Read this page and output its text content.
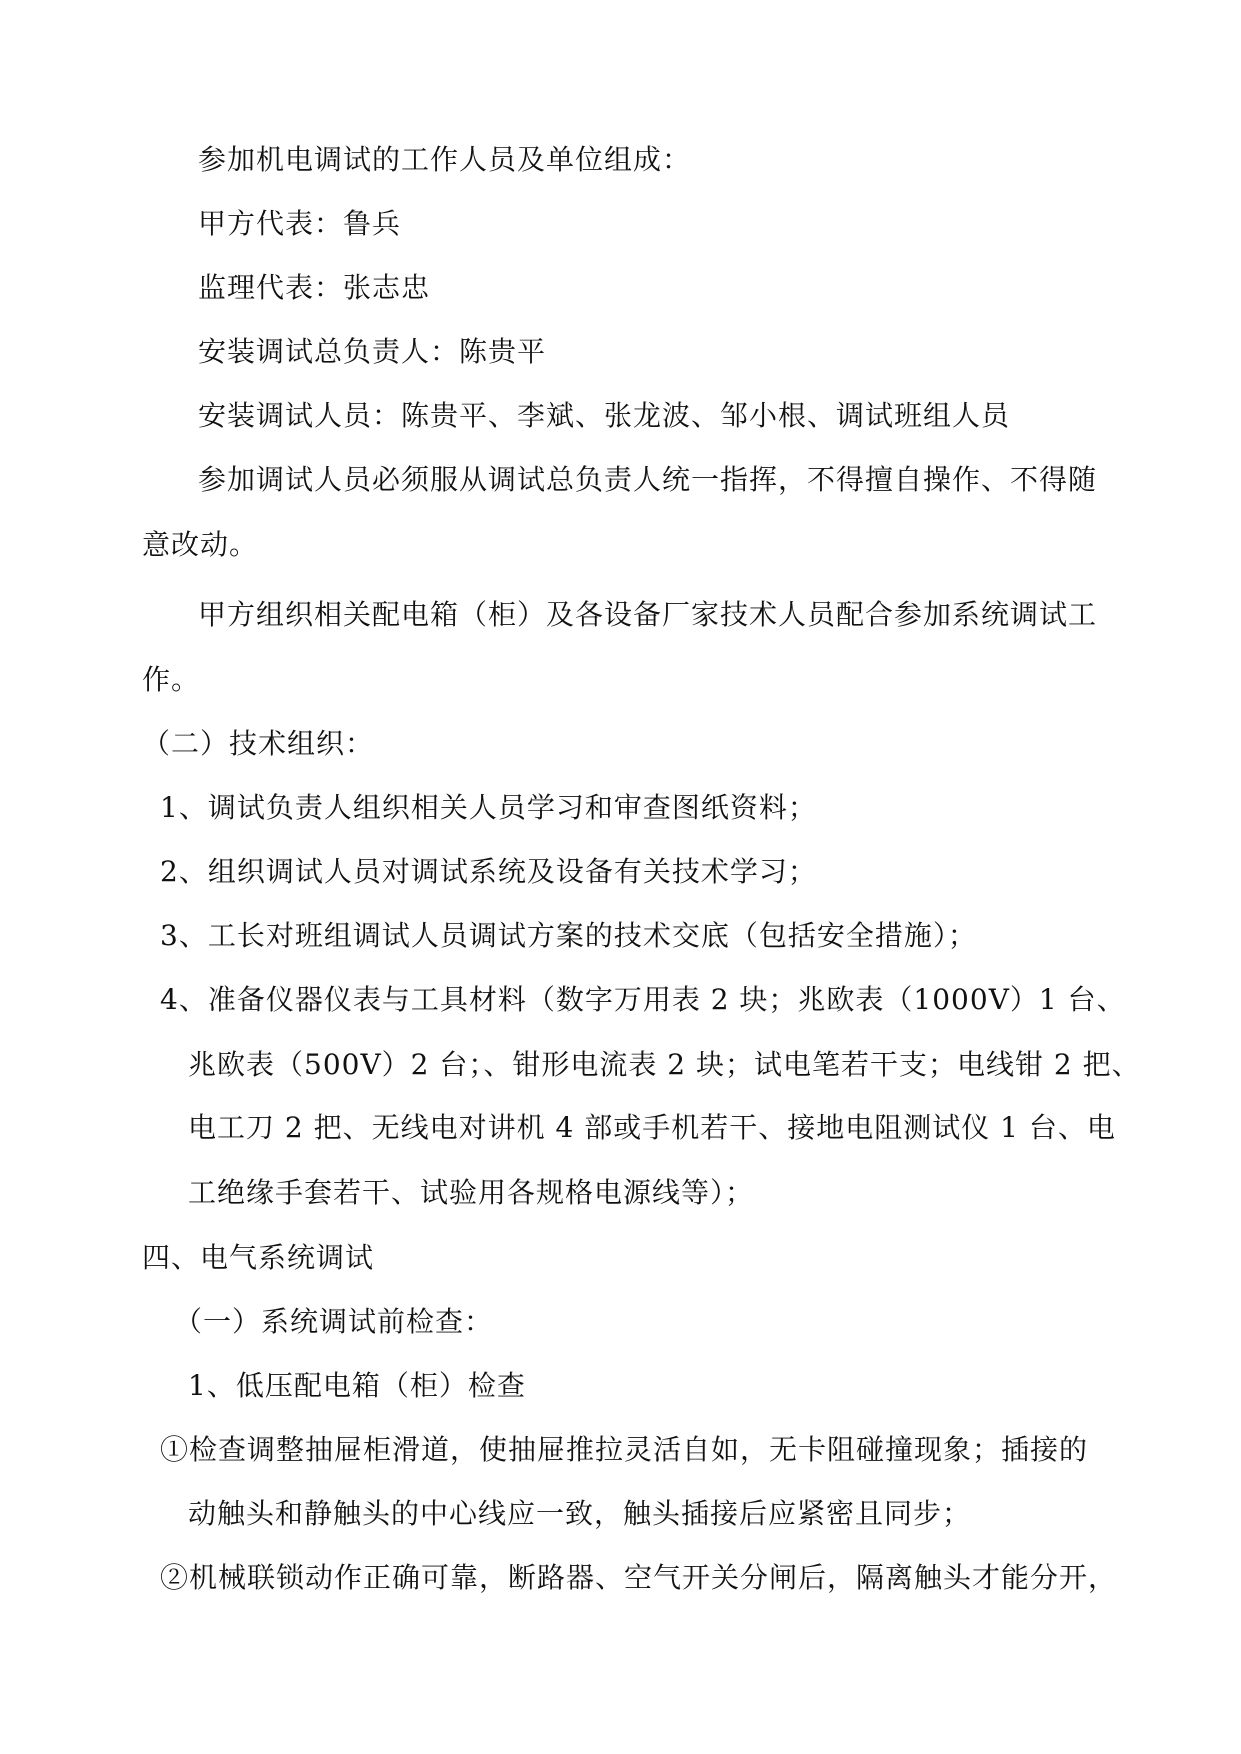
参加机电调试的工作人员及单位组成：
甲方代表：鲁兵
监理代表：张志忠
安装调试总负责人：陈贵平
安装调试人员：陈贵平、李斌、张龙波、邹小根、调试班组人员
参加调试人员必须服从调试总负责人统一指挥，不得擅自操作、不得随
意改动。
甲方组织相关配电箱（柜）及各设备厂家技术人员配合参加系统调试工
作。
（二）技术组织：
1、调试负责人组织相关人员学习和审查图纸资料；
2、组织调试人员对调试系统及设备有关技术学习；
3、工长对班组调试人员调试方案的技术交底（包括安全措施）；
4、准备仪器仪表与工具材料（数字万用表 2 块；兆欧表（1000V）1 台、
兆欧表（500V）2 台；、钳形电流表 2 块；试电笔若干支；电线钳 2 把、
电工刀 2 把、无线电对讲机 4 部或手机若干、接地电阻测试仪 1 台、电
工绝缘手套若干、试验用各规格电源线等）；
四、电气系统调试
（一）系统调试前检查：
1、低压配电箱（柜）检查
①检查调整抽屉柜滑道，使抽屉推拉灵活自如，无卡阻碰撞现象；插接的
动触头和静触头的中心线应一致，触头插接后应紧密且同步；
②机械联锁动作正确可靠，断路器、空气开关分闸后，隔离触头才能分开，
